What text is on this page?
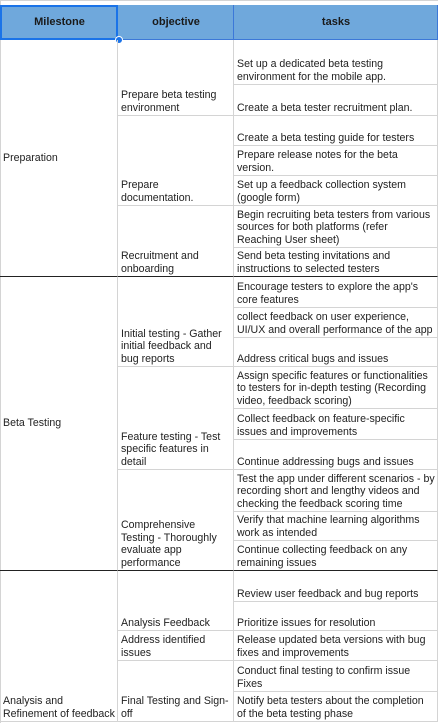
Milestone	objective	tasks
Preparation
Prepare beta testing environment
Prepare documentation.
Recruitment and onboarding
Set up a dedicated beta testing environment for the mobile app.
Create a beta tester recruitment plan.
Create a beta testing guide for testers
Prepare release notes for the beta version.
Set up a feedback collection system (google form)
Begin recruiting beta testers from various sources for both platforms (refer Reaching User sheet)
Send beta testing invitations and instructions to selected testers
Beta Testing
Initial testing - Gather initial feedback and bug reports
Feature testing - Test specific features in detail
Comprehensive Testing - Thoroughly evaluate app performance
Encourage testers to explore the app's core features
collect feedback on user experience, UI/UX and overall performance of the app
Address critical bugs and issues
Assign specific features or functionalities to testers for in-depth testing (Recording video, feedback scoring)
Collect feedback on feature-specific issues and improvements
Continue addressing bugs and issues
Test the app under different scenarios - by recording short and lengthy videos and checking the feedback scoring time
Verify that machine learning algorithms work as intended
Continue collecting feedback on any remaining issues
Analysis and Refinement of feedback
Analysis Feedback
Address identified issues
Final Testing and Sign-off
Review user feedback and bug reports
Prioritize issues for resolution
Release updated beta versions with bug fixes and improvements
Conduct final testing to confirm issue Fixes
Notify beta testers about the completion of the beta testing phase
